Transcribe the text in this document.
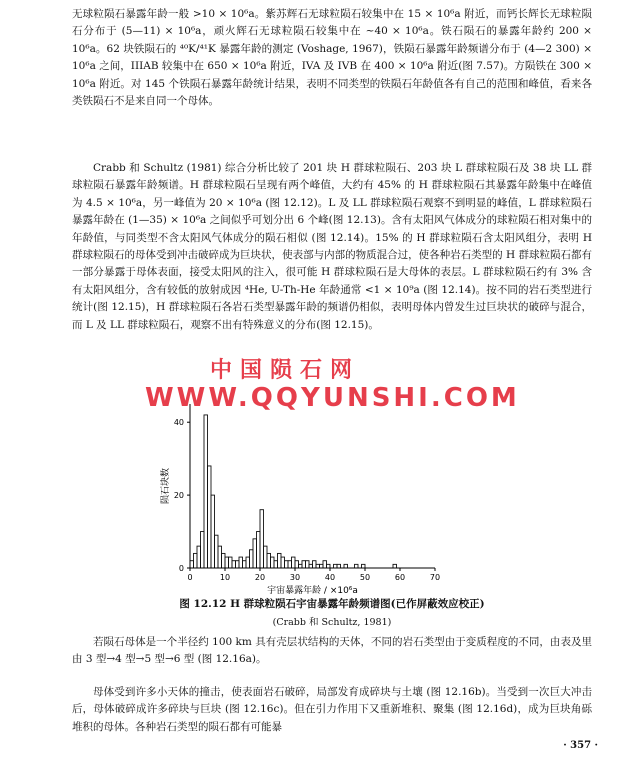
无球粒陨石暴露年龄一般 >10 × 10⁶a。紫苏辉石无球粒陨石较集中在 15 × 10⁶a 附近，而钙长辉长无球粒陨石分布于 (5—11) × 10⁶a，顽火辉石无球粒陨石较集中在 ~40 × 10⁶a。铁石陨石的暴露年龄约 200 × 10⁶a。62 块铁陨石的 ⁴⁰K/⁴¹K 暴露年龄的测定 (Voshage, 1967)，铁陨石暴露年龄频谱分布于 (4—2 300) × 10⁶a 之间，IIIAB 较集中在 650 × 10⁶a 附近，IVA 及 IVB 在 400 × 10⁶a 附近(图 7.57)。方陨铁在 300 × 10⁶a 附近。对 145 个铁陨石暴露年龄统计结果，表明不同类型的铁陨石年龄值各有自己的范围和峰值，看来各类铁陨石不是来自同一个母体。

Crabb 和 Schultz (1981) 综合分析比较了 201 块 H 群球粒陨石、203 块 L 群球粒陨石及 38 块 LL 群球粒陨石暴露年龄频谱。H 群球粒陨石呈现有两个峰值，大约有 45% 的 H 群球粒陨石其暴露年龄集中在峰值为 4.5 × 10⁶a，另一峰值为 20 × 10⁶a (图 12.12)。L 及 LL 群球粒陨石观察不到明显的峰值，L 群球粒陨石暴露年龄在 (1—35) × 10⁶a 之间似乎可划分出 6 个峰(图 12.13)。含有太阳风气体成分的球粒陨石相对集中的年龄值，与同类型不含太阳风气体成分的陨石相似 (图 12.14)。15% 的 H 群球粒陨石含太阳风组分，表明 H 群球粒陨石的母体受到冲击破碎成为巨块状，使表部与内部的物质混合过，使各种岩石类型的 H 群球粒陨石都有一部分暴露于母体表面，接受太阳风的注入，很可能 H 群球粒陨石是大母体的表层。L 群球粒陨石约有 3% 含有太阳风组分，含有较低的放射成因 ⁴He, U-Th-He 年龄通常 <1 × 10⁹a (图 12.14)。按不同的岩石类型进行统计(图 12.15)，H 群球粒陨石各岩石类型暴露年龄的频谱仍相似，表明母体内曾发生过巨块状的破碎与混合，而 L 及 LL 群球粒陨石，观察不出有特殊意义的分布(图 12.15)。

0	10	20	30	40	50	60	70
0
20
40
陨石块数
宇宙暴露年龄 / ×10⁶a
中国陨石网
WWW.QQYUNSHI.COM

图 12.12 H 群球粒陨石宇宙暴露年龄频谱图(已作屏蔽效应校正)

(Crabb 和 Schultz, 1981)

若陨石母体是一个半径约 100 km 具有壳层状结构的天体，不同的岩石类型由于变质程度的不同，由表及里由 3 型→4 型→5 型→6 型 (图 12.16a)。

母体受到许多小天体的撞击，使表面岩石破碎，局部发育成碎块与土壤 (图 12.16b)。当受到一次巨大冲击后，母体破碎成许多碎块与巨块 (图 12.16c)。但在引力作用下又重新堆积、聚集 (图 12.16d)，成为巨块角砾堆积的母体。各种岩石类型的陨石都有可能暴

· 357 ·
